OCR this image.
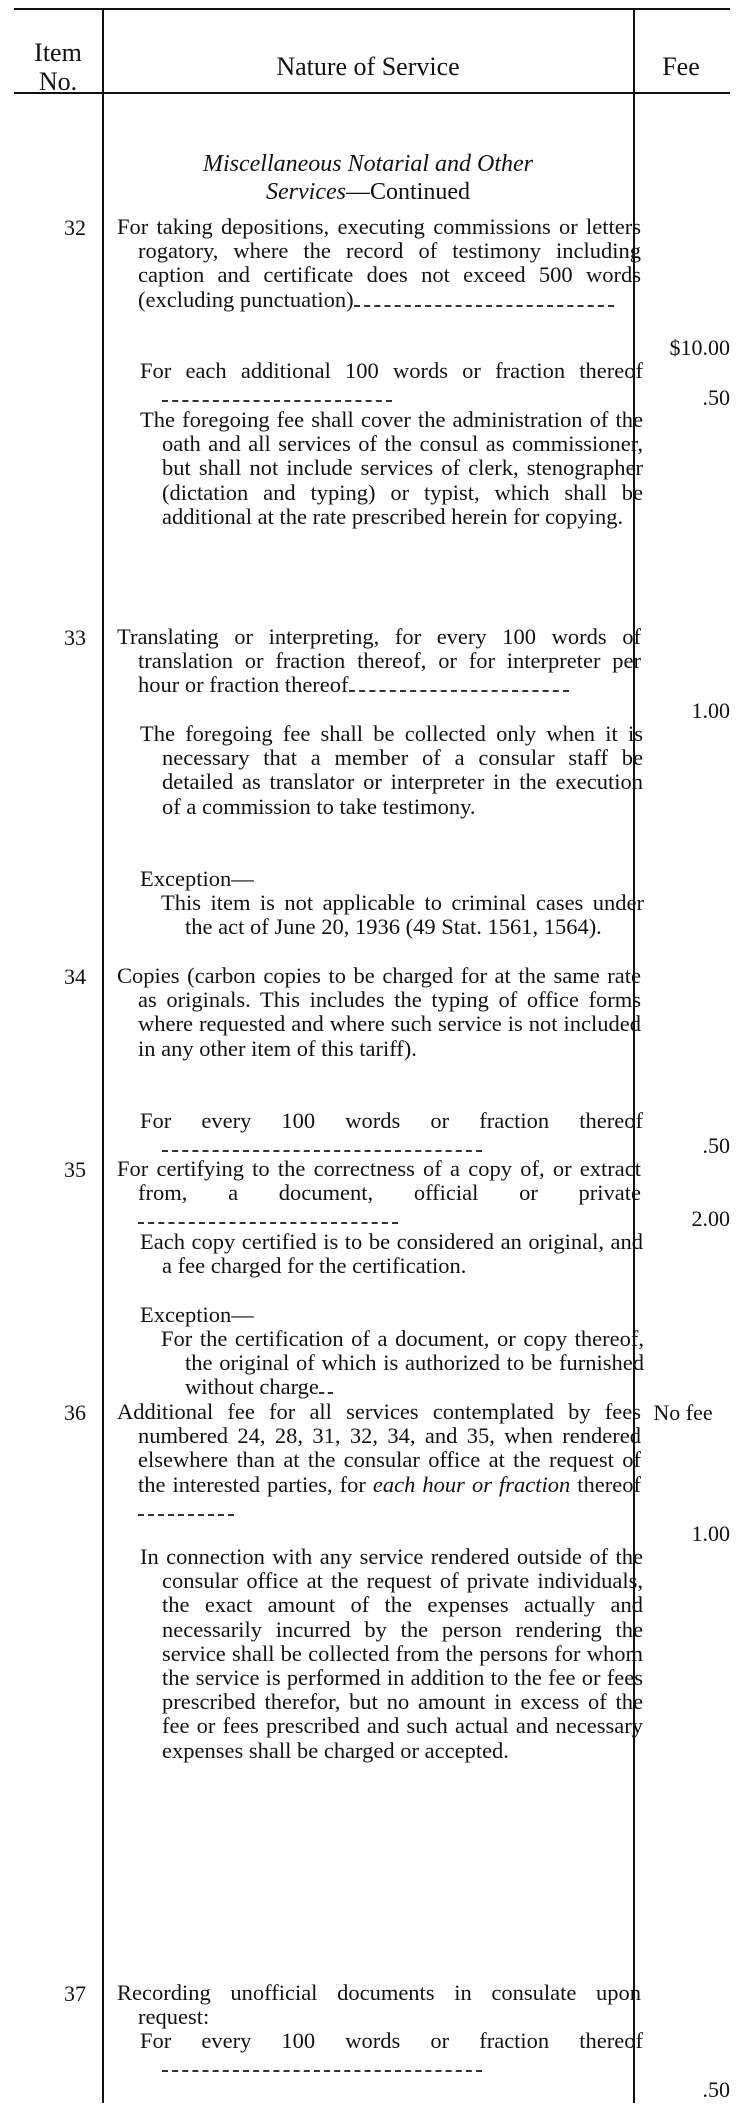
Item
No.
Nature of Service	Fee
Miscellaneous Notarial and Other
Services—Continued
32 For taking depositions, executing commissions or letters rogatory, where the record of testimony including caption and certificate does not exceed 500 words (excluding punctuation)
$10.00
For each additional 100 words or fraction thereof
.50
The foregoing fee shall cover the administration of the oath and all services of the consul as commissioner, but shall not include services of clerk, stenographer (dictation and typing) or typist, which shall be additional at the rate prescribed herein for copying.
33 Translating or interpreting, for every 100 words of translation or fraction thereof, or for interpreter per hour or fraction thereof
1.00
The foregoing fee shall be collected only when it is necessary that a member of a consular staff be detailed as translator or interpreter in the execution of a commission to take testimony.
Exception—
This item is not applicable to criminal cases under the act of June 20, 1936 (49 Stat. 1561, 1564).
34 Copies (carbon copies to be charged for at the same rate as originals. This includes the typing of office forms where requested and where such service is not included in any other item of this tariff).
For every 100 words or fraction thereof
.50
35 For certifying to the correctness of a copy of, or extract from, a document, official or private
2.00
Each copy certified is to be considered an original, and a fee charged for the certification.
Exception—
For the certification of a document, or copy thereof, the original of which is authorized to be furnished without charge
No fee
36 Additional fee for all services contemplated by fees numbered 24, 28, 31, 32, 34, and 35, when rendered elsewhere than at the consular office at the request of the interested parties, for each hour or fraction thereof
1.00
In connection with any service rendered outside of the consular office at the request of private individuals, the exact amount of the expenses actually and necessarily incurred by the person rendering the service shall be collected from the persons for whom the service is performed in addition to the fee or fees prescribed therefor, but no amount in excess of the fee or fees prescribed and such actual and necessary expenses shall be charged or accepted.
37 Recording unofficial documents in consulate upon request:
For every 100 words or fraction thereof
.50
